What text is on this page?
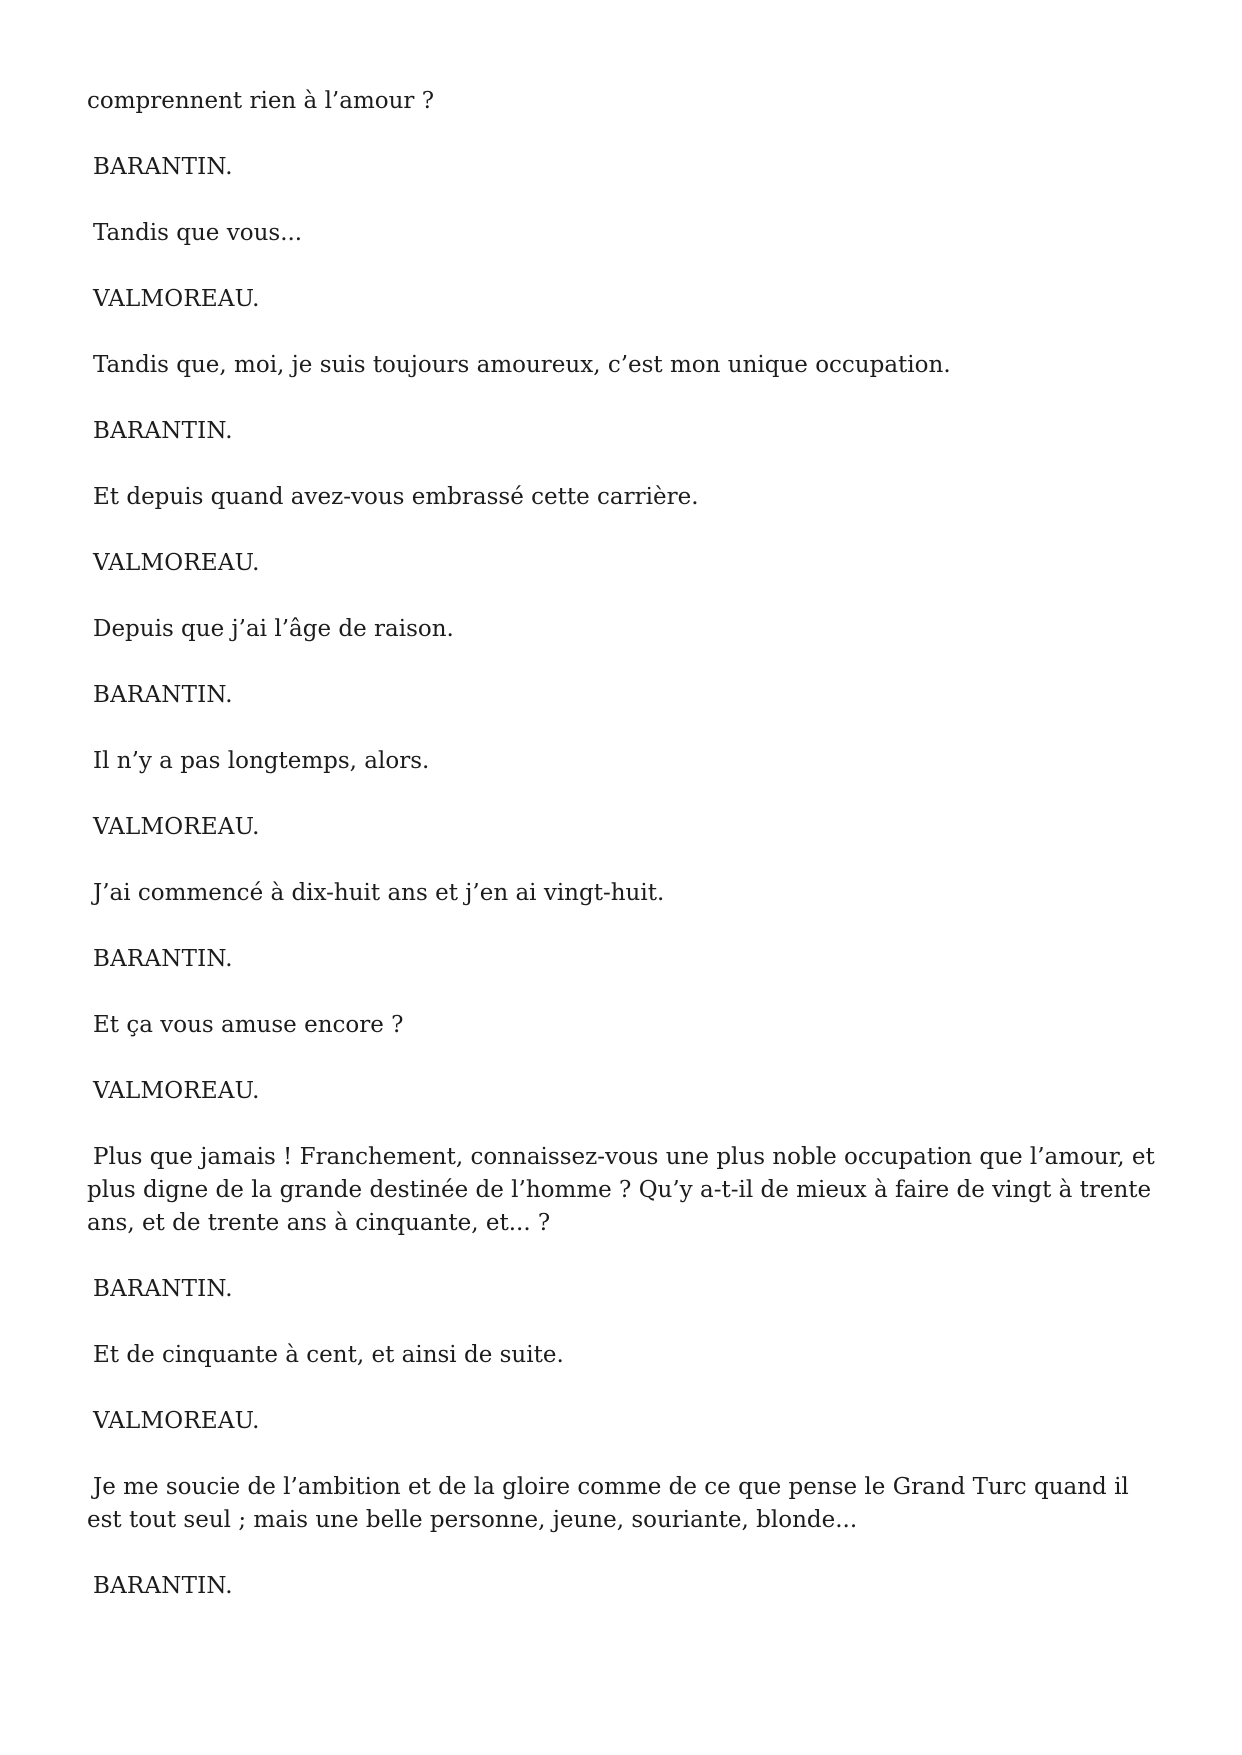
comprennent rien à l’amour ?

BARANTIN.

Tandis que vous...

VALMOREAU.

Tandis que, moi, je suis toujours amoureux, c’est mon unique occupation.

BARANTIN.

Et depuis quand avez-vous embrassé cette carrière.

VALMOREAU.

Depuis que j’ai l’âge de raison.

BARANTIN.

Il n’y a pas longtemps, alors.

VALMOREAU.

J’ai commencé à dix-huit ans et j’en ai vingt-huit.

BARANTIN.

Et ça vous amuse encore ?

VALMOREAU.

Plus que jamais ! Franchement, connaissez-vous une plus noble occupation que l’amour, et plus digne de la grande destinée de l’homme ? Qu’y a-t-il de mieux à faire de vingt à trente ans, et de trente ans à cinquante, et... ?

BARANTIN.

Et de cinquante à cent, et ainsi de suite.

VALMOREAU.

Je me soucie de l’ambition et de la gloire comme de ce que pense le Grand Turc quand il est tout seul ; mais une belle personne, jeune, souriante, blonde...

BARANTIN.
